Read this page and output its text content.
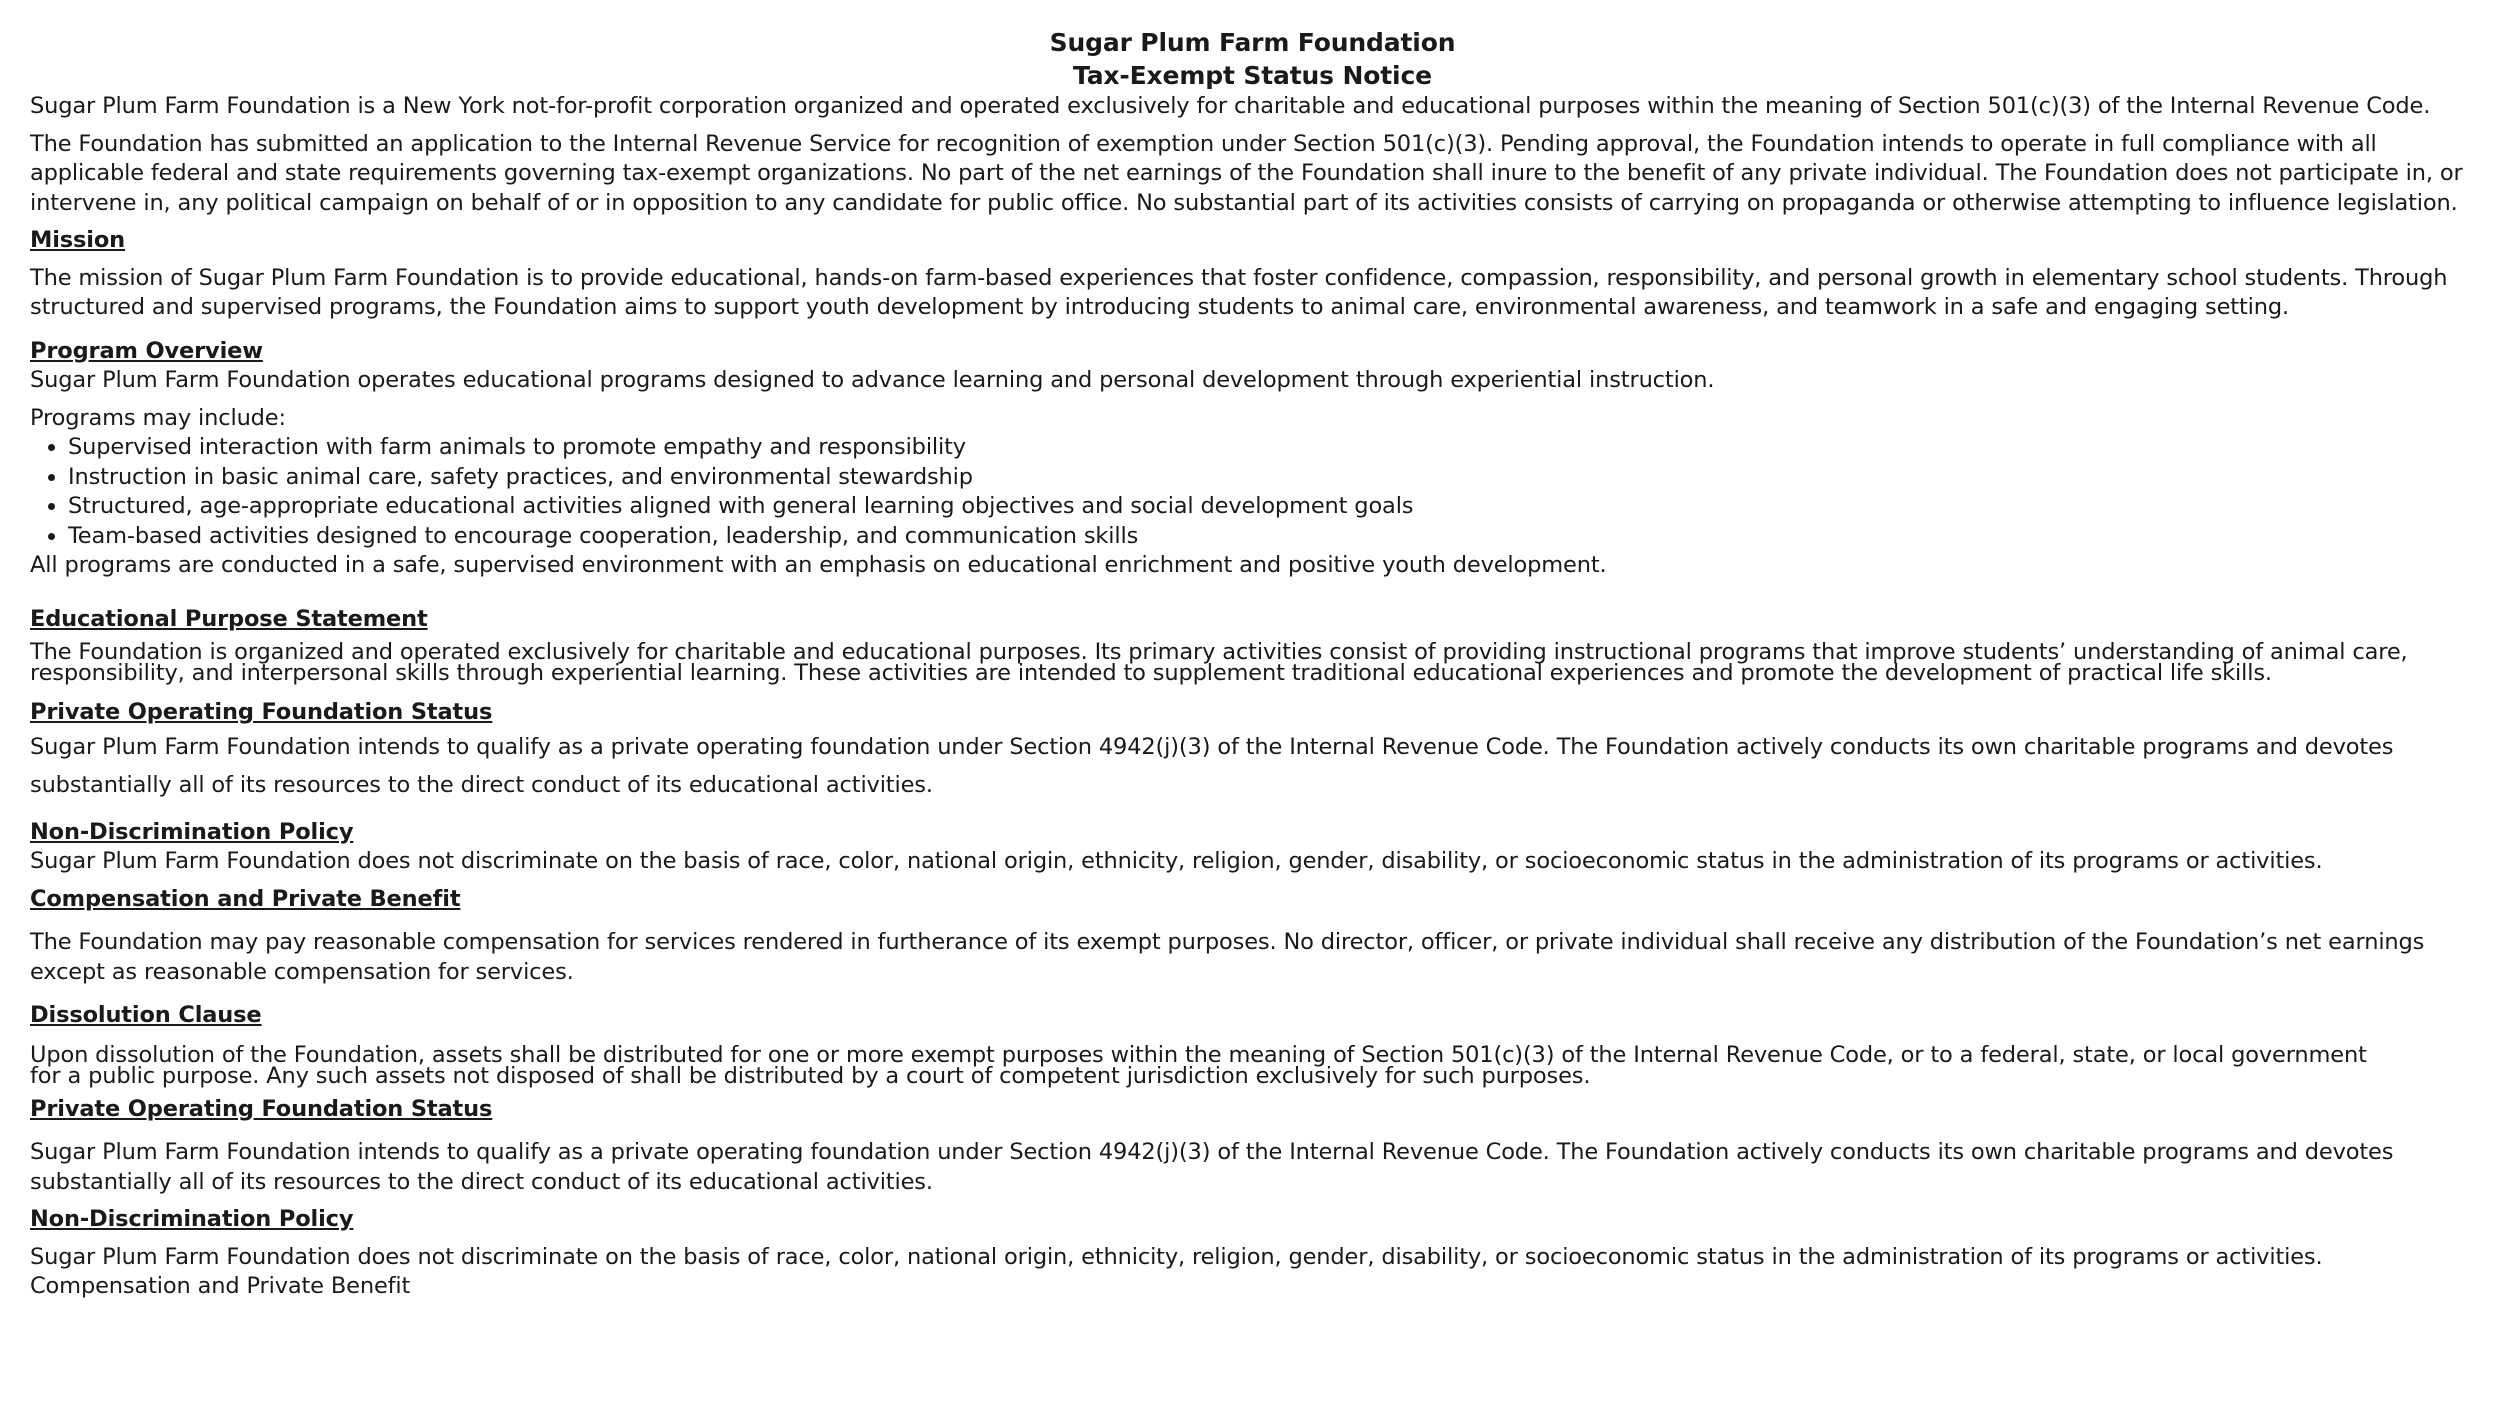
Sugar Plum Farm Foundation

Tax-Exempt Status Notice

Sugar Plum Farm Foundation is a New York not-for-profit corporation organized and operated exclusively for charitable and educational purposes within the meaning of Section 501(c)(3) of the Internal Revenue Code.

The Foundation has submitted an application to the Internal Revenue Service for recognition of exemption under Section 501(c)(3). Pending approval, the Foundation intends to operate in full compliance with all applicable federal and state requirements governing tax-exempt organizations. No part of the net earnings of the Foundation shall inure to the benefit of any private individual. The Foundation does not participate in, or intervene in, any political campaign on behalf of or in opposition to any candidate for public office. No substantial part of its activities consists of carrying on propaganda or otherwise attempting to influence legislation.

Mission

The mission of Sugar Plum Farm Foundation is to provide educational, hands-on farm-based experiences that foster confidence, compassion, responsibility, and personal growth in elementary school students. Through structured and supervised programs, the Foundation aims to support youth development by introducing students to animal care, environmental awareness, and teamwork in a safe and engaging setting.

Program Overview

Sugar Plum Farm Foundation operates educational programs designed to advance learning and personal development through experiential instruction.

Programs may include:

• Supervised interaction with farm animals to promote empathy and responsibility
• Instruction in basic animal care, safety practices, and environmental stewardship
• Structured, age-appropriate educational activities aligned with general learning objectives and social development goals
• Team-based activities designed to encourage cooperation, leadership, and communication skills

All programs are conducted in a safe, supervised environment with an emphasis on educational enrichment and positive youth development.

Educational Purpose Statement

The Foundation is organized and operated exclusively for charitable and educational purposes. Its primary activities consist of providing instructional programs that improve students’ understanding of animal care, responsibility, and interpersonal skills through experiential learning. These activities are intended to supplement traditional educational experiences and promote the development of practical life skills.

Private Operating Foundation Status

Sugar Plum Farm Foundation intends to qualify as a private operating foundation under Section 4942(j)(3) of the Internal Revenue Code. The Foundation actively conducts its own charitable programs and devotes substantially all of its resources to the direct conduct of its educational activities.

Non-Discrimination Policy

Sugar Plum Farm Foundation does not discriminate on the basis of race, color, national origin, ethnicity, religion, gender, disability, or socioeconomic status in the administration of its programs or activities.

Compensation and Private Benefit

The Foundation may pay reasonable compensation for services rendered in furtherance of its exempt purposes. No director, officer, or private individual shall receive any distribution of the Foundation’s net earnings except as reasonable compensation for services.

Dissolution Clause

Upon dissolution of the Foundation, assets shall be distributed for one or more exempt purposes within the meaning of Section 501(c)(3) of the Internal Revenue Code, or to a federal, state, or local government

for a public purpose. Any such assets not disposed of shall be distributed by a court of competent jurisdiction exclusively for such purposes.

Private Operating Foundation Status

Sugar Plum Farm Foundation intends to qualify as a private operating foundation under Section 4942(j)(3) of the Internal Revenue Code. The Foundation actively conducts its own charitable programs and devotes substantially all of its resources to the direct conduct of its educational activities.

Non-Discrimination Policy

Sugar Plum Farm Foundation does not discriminate on the basis of race, color, national origin, ethnicity, religion, gender, disability, or socioeconomic status in the administration of its programs or activities.

Compensation and Private Benefit
